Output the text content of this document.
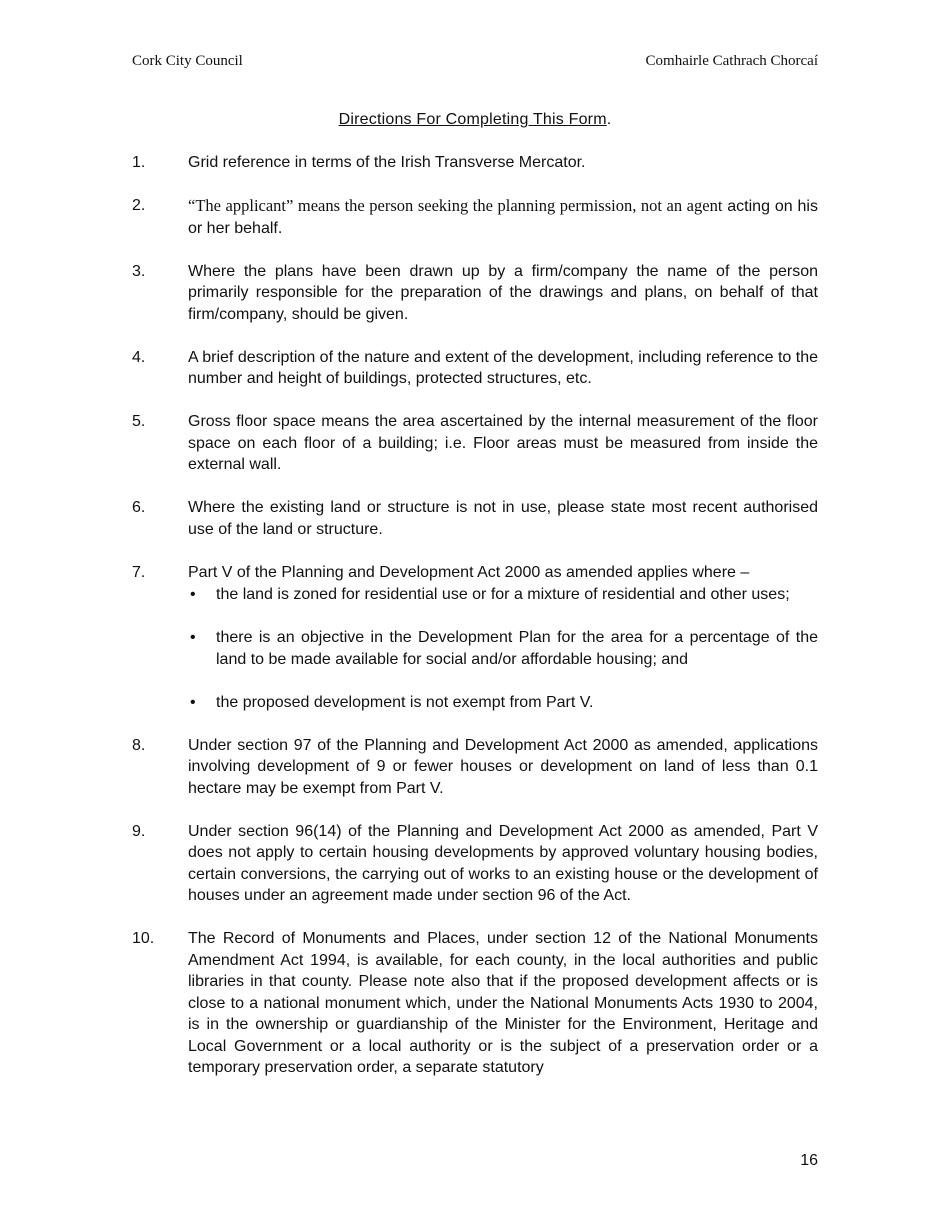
Cork City Council	Comhairle Cathrach Chorcaí
Directions For Completing This Form.
1.	Grid reference in terms of the Irish Transverse Mercator.
2.	“The applicant” means the person seeking the planning permission, not an agent acting on his or her behalf.
3.	Where the plans have been drawn up by a firm/company the name of the person primarily responsible for the preparation of the drawings and plans, on behalf of that firm/company, should be given.
4.	A brief description of the nature and extent of the development, including reference to the number and height of buildings, protected structures, etc.
5.	Gross floor space means the area ascertained by the internal measurement of the floor space on each floor of a building; i.e. Floor areas must be measured from inside the external wall.
6.	Where the existing land or structure is not in use, please state most recent authorised use of the land or structure.
7.	Part V of the Planning and Development Act 2000 as amended applies where –
• the land is zoned for residential use or for a mixture of residential and other uses;
• there is an objective in the Development Plan for the area for a percentage of the land to be made available for social and/or affordable housing; and
• the proposed development is not exempt from Part V.
8.	Under section 97 of the Planning and Development Act 2000 as amended, applications involving development of 9 or fewer houses or development on land of less than 0.1 hectare may be exempt from Part V.
9.	Under section 96(14) of the Planning and Development Act 2000 as amended, Part V does not apply to certain housing developments by approved voluntary housing bodies, certain conversions, the carrying out of works to an existing house or the development of houses under an agreement made under section 96 of the Act.
10. The Record of Monuments and Places, under section 12 of the National Monuments Amendment Act 1994, is available, for each county, in the local authorities and public libraries in that county. Please note also that if the proposed development affects or is close to a national monument which, under the National Monuments Acts 1930 to 2004, is in the ownership or guardianship of the Minister for the Environment, Heritage and Local Government or a local authority or is the subject of a preservation order or a temporary preservation order, a separate statutory
16
